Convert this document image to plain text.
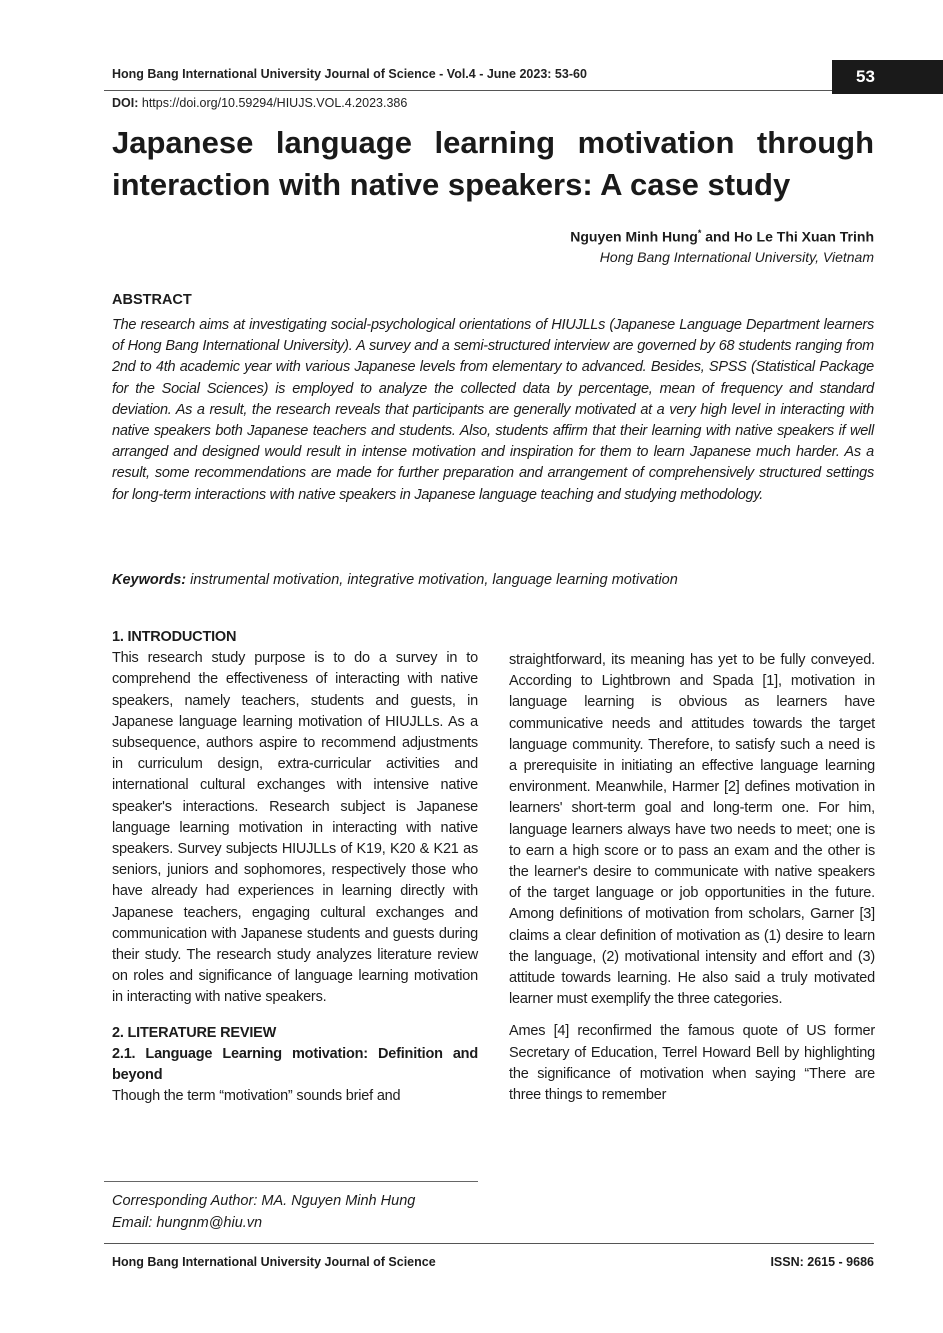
Hong Bang International University Journal of Science - Vol.4 - June 2023: 53-60	53
DOI: https://doi.org/10.59294/HIUJS.VOL.4.2023.386
Japanese language learning motivation through interaction with native speakers: A case study
Nguyen Minh Hung* and Ho Le Thi Xuan Trinh
Hong Bang International University, Vietnam
ABSTRACT
The research aims at investigating social-psychological orientations of HIUJLLs (Japanese Language Department learners of Hong Bang International University). A survey and a semi-structured interview are governed by 68 students ranging from 2nd to 4th academic year with various Japanese levels from elementary to advanced. Besides, SPSS (Statistical Package for the Social Sciences) is employed to analyze the collected data by percentage, mean of frequency and standard deviation. As a result, the research reveals that participants are generally motivated at a very high level in interacting with native speakers both Japanese teachers and students. Also, students affirm that their learning with native speakers if well arranged and designed would result in intense motivation and inspiration for them to learn Japanese much harder. As a result, some recommendations are made for further preparation and arrangement of comprehensively structured settings for long-term interactions with native speakers in Japanese language teaching and studying methodology.
Keywords: instrumental motivation, integrative motivation, language learning motivation
1. INTRODUCTION
This research study purpose is to do a survey in to comprehend the effectiveness of interacting with native speakers, namely teachers, students and guests, in Japanese language learning motivation of HIUJLLs. As a subsequence, authors aspire to recommend adjustments in curriculum design, extra-curricular activities and international cultural exchanges with intensive native speaker's interactions. Research subject is Japanese language learning motivation in interacting with native speakers. Survey subjects HIUJLLs of K19, K20 & K21 as seniors, juniors and sophomores, respectively those who have already had experiences in learning directly with Japanese teachers, engaging cultural exchanges and communication with Japanese students and guests during their study. The research study analyzes literature review on roles and significance of language learning motivation in interacting with native speakers.
2. LITERATURE REVIEW
2.1. Language Learning motivation: Definition and beyond
Though the term “motivation” sounds brief and
straightforward, its meaning has yet to be fully conveyed. According to Lightbrown and Spada [1], motivation in language learning is obvious as learners have communicative needs and attitudes towards the target language community. Therefore, to satisfy such a need is a prerequisite in initiating an effective language learning environment. Meanwhile, Harmer [2] defines motivation in learners' short-term goal and long-term one. For him, language learners always have two needs to meet; one is to earn a high score or to pass an exam and the other is the learner's desire to communicate with native speakers of the target language or job opportunities in the future. Among definitions of motivation from scholars, Garner [3] claims a clear definition of motivation as (1) desire to learn the language, (2) motivational intensity and effort and (3) attitude towards learning. He also said a truly motivated learner must exemplify the three categories.
Ames [4] reconfirmed the famous quote of US former Secretary of Education, Terrel Howard Bell by highlighting the significance of motivation when saying “There are three things to remember
Corresponding Author: MA. Nguyen Minh Hung
Email: hungnm@hiu.vn
Hong Bang International University Journal of Science	ISSN: 2615 - 9686
